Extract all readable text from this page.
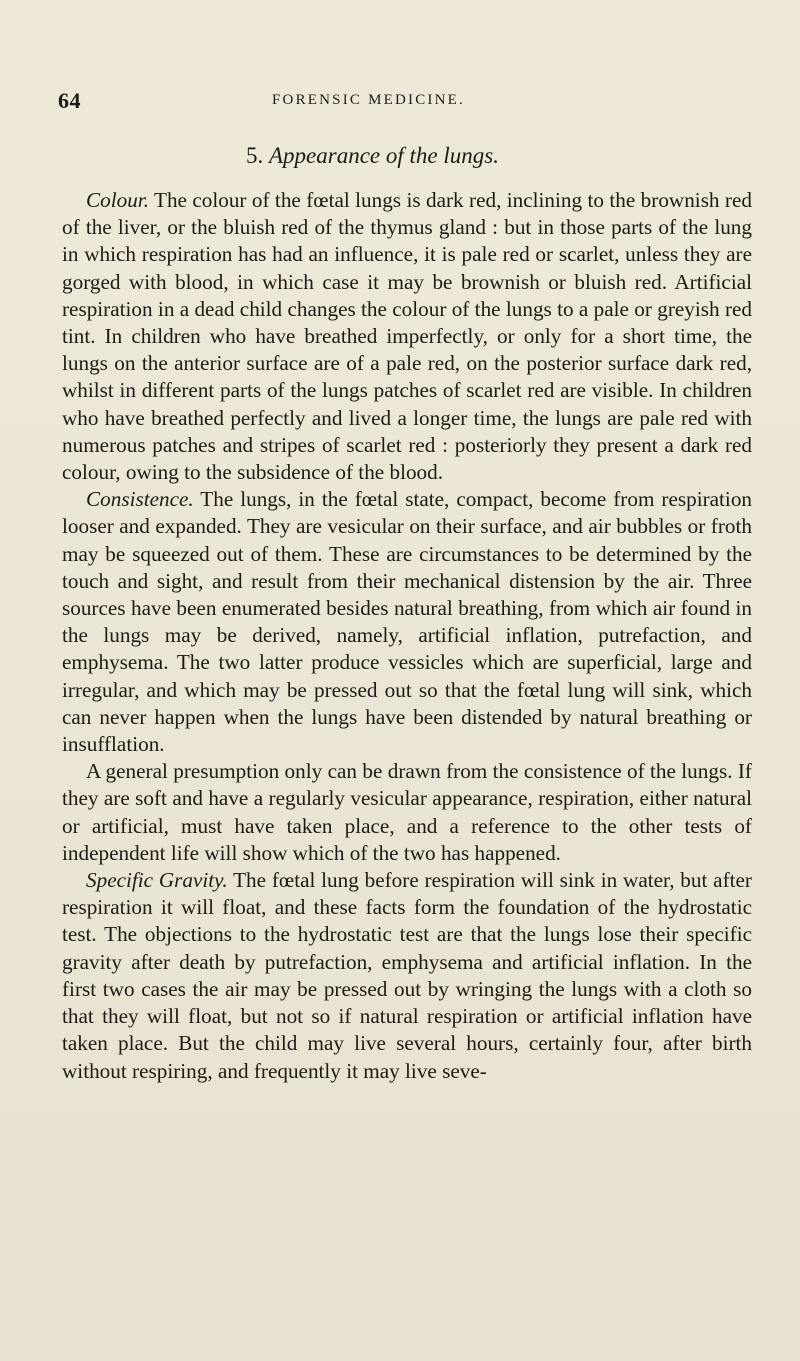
64	FORENSIC MEDICINE.
5. Appearance of the lungs.

Colour. The colour of the fœtal lungs is dark red, inclining to the brownish red of the liver, or the bluish red of the thymus gland : but in those parts of the lung in which respiration has had an influence, it is pale red or scarlet, unless they are gorged with blood, in which case it may be brownish or bluish red. Artificial respiration in a dead child changes the colour of the lungs to a pale or greyish red tint. In children who have breathed imperfectly, or only for a short time, the lungs on the anterior surface are of a pale red, on the posterior surface dark red, whilst in different parts of the lungs patches of scarlet red are visible. In children who have breathed perfectly and lived a longer time, the lungs are pale red with numerous patches and stripes of scarlet red : posteriorly they present a dark red colour, owing to the subsidence of the blood.

Consistence. The lungs, in the fœtal state, compact, become from respiration looser and expanded. They are vesicular on their surface, and air bubbles or froth may be squeezed out of them. These are circumstances to be determined by the touch and sight, and result from their mechanical distension by the air. Three sources have been enumerated besides natural breathing, from which air found in the lungs may be derived, namely, artificial inflation, putrefaction, and emphysema. The two latter produce vessicles which are superficial, large and irregular, and which may be pressed out so that the fœtal lung will sink, which can never happen when the lungs have been distended by natural breathing or insufflation.

A general presumption only can be drawn from the consistence of the lungs. If they are soft and have a regularly vesicular appearance, respiration, either natural or artificial, must have taken place, and a reference to the other tests of independent life will show which of the two has happened.

Specific Gravity. The fœtal lung before respiration will sink in water, but after respiration it will float, and these facts form the foundation of the hydrostatic test. The objections to the hydrostatic test are that the lungs lose their specific gravity after death by putrefaction, emphysema and artificial inflation. In the first two cases the air may be pressed out by wringing the lungs with a cloth so that they will float, but not so if natural respiration or artificial inflation have taken place. But the child may live several hours, certainly four, after birth without respiring, and frequently it may live seve-
